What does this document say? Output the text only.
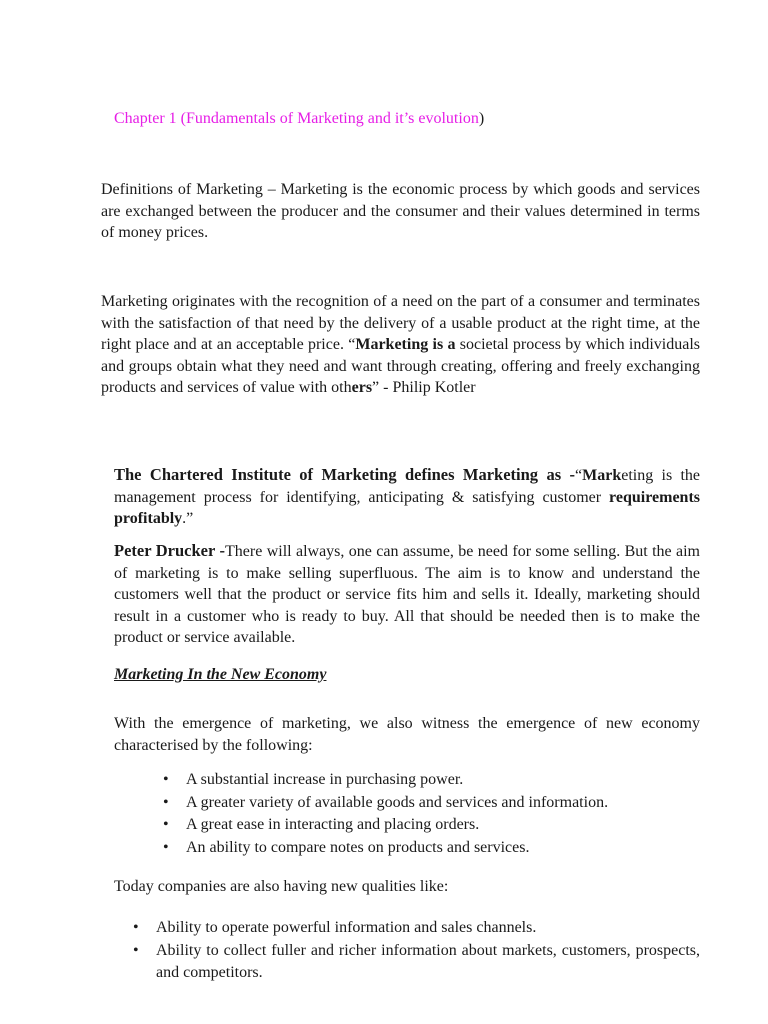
Chapter 1 (Fundamentals of Marketing and it’s evolution)
Definitions of Marketing – Marketing is the economic process by which goods and services are exchanged between the producer and the consumer and their values determined in terms of money prices.
Marketing originates with the recognition of a need on the part of a consumer and terminates with the satisfaction of that need by the delivery of a usable product at the right time, at the right place and at an acceptable price. “Marketing is a societal process by which individuals and groups obtain what they need and want through creating, offering and freely exchanging products and services of value with others” - Philip Kotler
The Chartered Institute of Marketing defines Marketing as -“Marketing is the management process for identifying, anticipating & satisfying customer requirements profitably.”
Peter Drucker -There will always, one can assume, be need for some selling. But the aim of marketing is to make selling superfluous. The aim is to know and understand the customers well that the product or service fits him and sells it. Ideally, marketing should result in a customer who is ready to buy. All that should be needed then is to make the product or service available.
Marketing In the New Economy
With the emergence of marketing, we also witness the emergence of new economy characterised by the following:
• A substantial increase in purchasing power.
• A greater variety of available goods and services and information.
• A great ease in interacting and placing orders.
• An ability to compare notes on products and services.
Today companies are also having new qualities like:
• Ability to operate powerful information and sales channels.
• Ability to collect fuller and richer information about markets, customers, prospects, and competitors.
